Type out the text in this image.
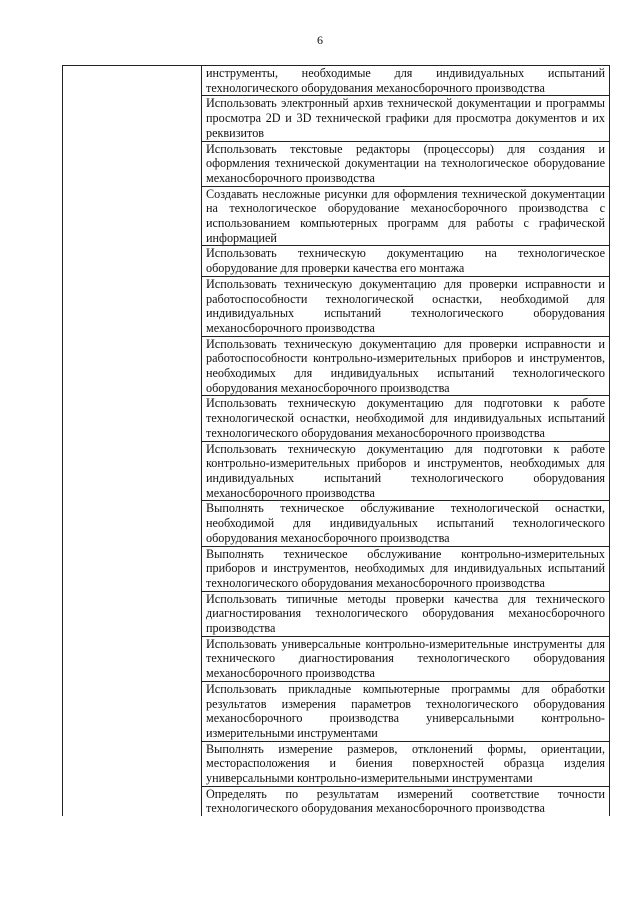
6

инструменты, необходимые для индивидуальных испытаний технологического оборудования механосборочного производства

Использовать электронный архив технической документации и программы просмотра 2D и 3D технической графики для просмотра документов и их реквизитов

Использовать текстовые редакторы (процессоры) для создания и оформления технической документации на технологическое оборудование механосборочного производства

Создавать несложные рисунки для оформления технической документации на технологическое оборудование механосборочного производства с использованием компьютерных программ для работы с графической информацией

Использовать техническую документацию на технологическое оборудование для проверки качества его монтажа

Использовать техническую документацию для проверки исправности и работоспособности технологической оснастки, необходимой для индивидуальных испытаний технологического оборудования механосборочного производства

Использовать техническую документацию для проверки исправности и работоспособности контрольно-измерительных приборов и инструментов, необходимых для индивидуальных испытаний технологического оборудования механосборочного производства

Использовать техническую документацию для подготовки к работе технологической оснастки, необходимой для индивидуальных испытаний технологического оборудования механосборочного производства

Использовать техническую документацию для подготовки к работе контрольно-измерительных приборов и инструментов, необходимых для индивидуальных испытаний технологического оборудования механосборочного производства

Выполнять техническое обслуживание технологической оснастки, необходимой для индивидуальных испытаний технологического оборудования механосборочного производства

Выполнять техническое обслуживание контрольно-измерительных приборов и инструментов, необходимых для индивидуальных испытаний технологического оборудования механосборочного производства

Использовать типичные методы проверки качества для технического диагностирования технологического оборудования механосборочного производства

Использовать универсальные контрольно-измерительные инструменты для технического диагностирования технологического оборудования механосборочного производства

Использовать прикладные компьютерные программы для обработки результатов измерения параметров технологического оборудования механосборочного производства универсальными контрольно-измерительными инструментами

Выполнять измерение размеров, отклонений формы, ориентации, месторасположения и биения поверхностей образца изделия универсальными контрольно-измерительными инструментами

Определять по результатам измерений соответствие точности технологического оборудования механосборочного производства
